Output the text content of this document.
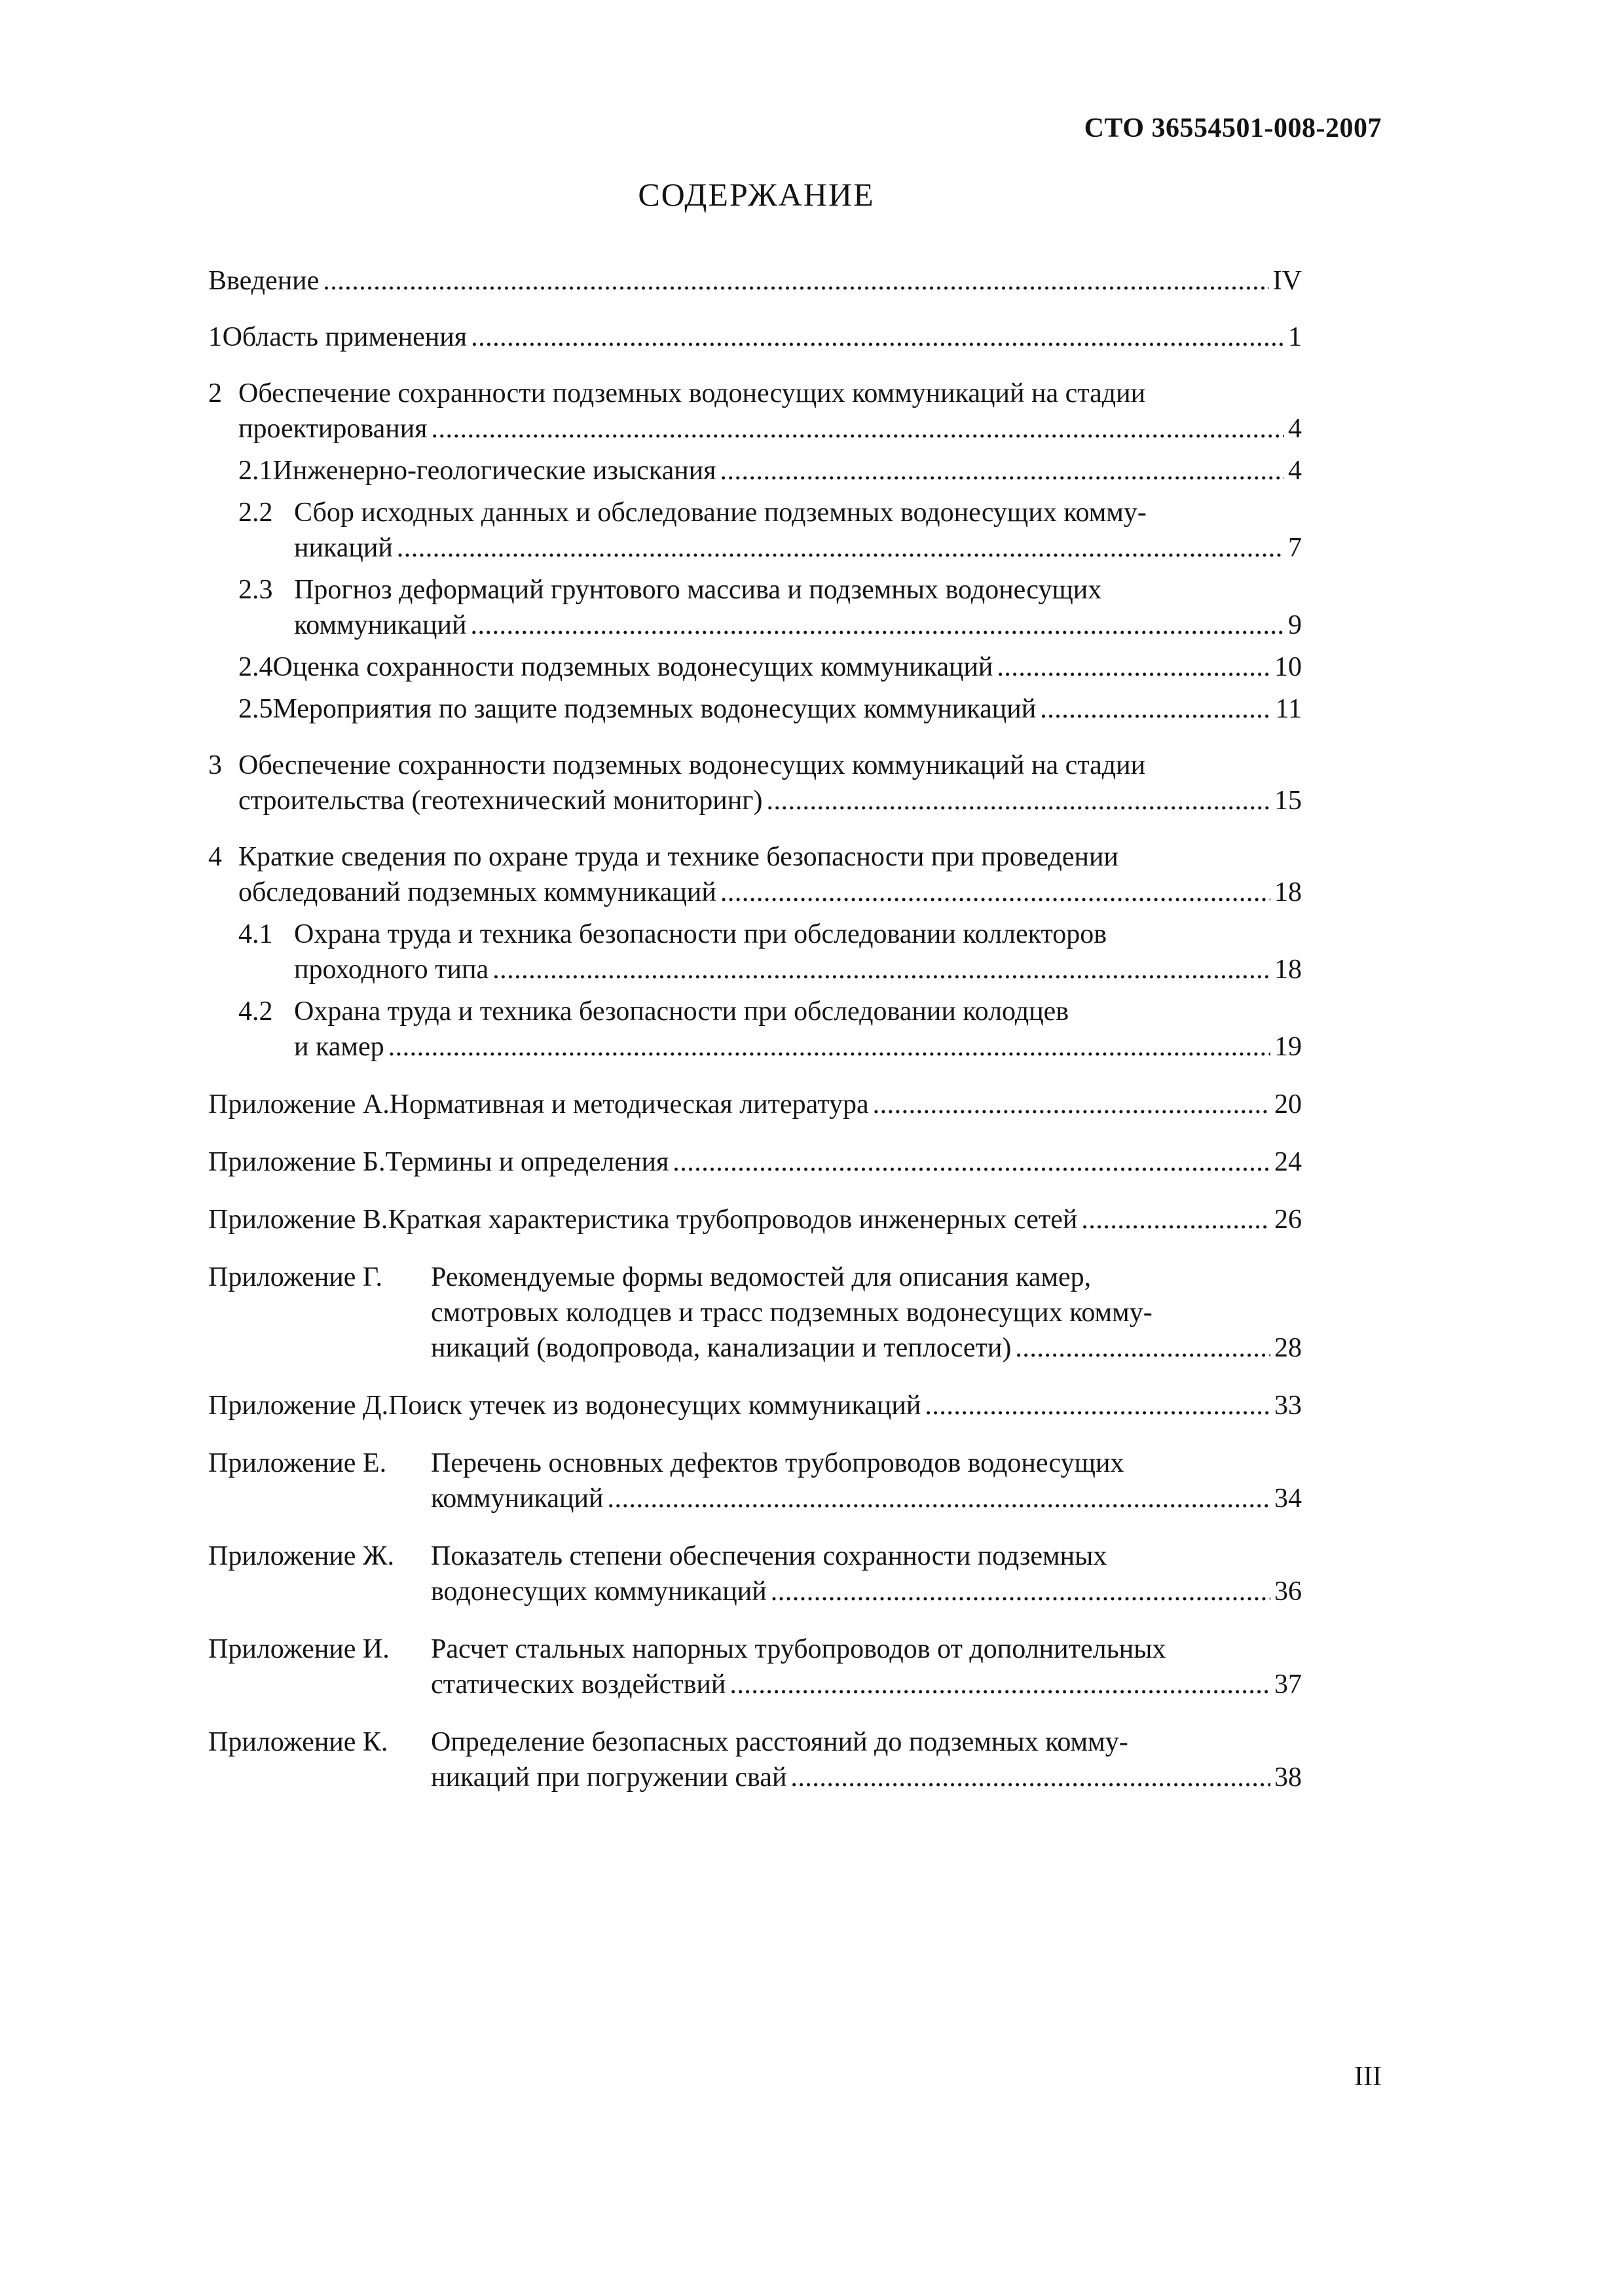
СТО 36554501-008-2007
СОДЕРЖАНИЕ
Введение . . .	IV
1 Область применения . . .	1
2 Обеспечение сохранности подземных водонесущих коммуникаций на стадии
проектирования . . .	4
2.1 Инженерно-геологические изыскания . . .	4
2.2 Сбор исходных данных и обследование подземных водонесущих комму-
никаций . . .	7
2.3 Прогноз деформаций грунтового массива и подземных водонесущих
коммуникаций . . .	9
2.4 Оценка сохранности подземных водонесущих коммуникаций . . .	10
2.5 Мероприятия по защите подземных водонесущих коммуникаций . . .	11
3 Обеспечение сохранности подземных водонесущих коммуникаций на стадии
строительства (геотехнический мониторинг) . . .	15
4 Краткие сведения по охране труда и технике безопасности при проведении
обследований подземных коммуникаций . . .	18
4.1 Охрана труда и техника безопасности при обследовании коллекторов
проходного типа . . .	18
4.2 Охрана труда и техника безопасности при обследовании колодцев
и камер . . .	19
Приложение А. Нормативная и методическая литература . . .	20
Приложение Б. Термины и определения . . .	24
Приложение В. Краткая характеристика трубопроводов инженерных сетей . . .	26
Приложение Г. Рекомендуемые формы ведомостей для описания камер,
смотровых колодцев и трасс подземных водонесущих комму-
никаций (водопровода, канализации и теплосети) . . .	28
Приложение Д. Поиск утечек из водонесущих коммуникаций . . .	33
Приложение Е. Перечень основных дефектов трубопроводов водонесущих
коммуникаций . . .	34
Приложение Ж. Показатель степени обеспечения сохранности подземных
водонесущих коммуникаций . . .	36
Приложение И. Расчет стальных напорных трубопроводов от дополнительных
статических воздействий . . .	37
Приложение К. Определение безопасных расстояний до подземных комму-
никаций при погружении свай . . .	38
III
